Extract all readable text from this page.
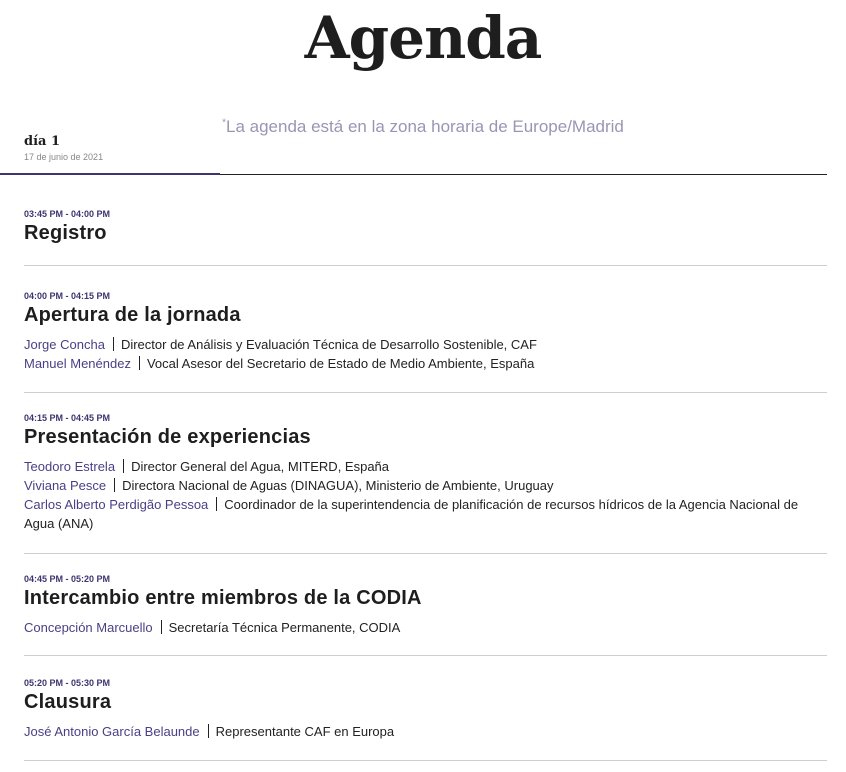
Agenda
*La agenda está en la zona horaria de Europe/Madrid
día 1
17 de junio de 2021
03:45 PM - 04:00 PM
Registro
04:00 PM - 04:15 PM
Apertura de la jornada
Jorge Concha Director de Análisis y Evaluación Técnica de Desarrollo Sostenible, CAF
Manuel Menéndez Vocal Asesor del Secretario de Estado de Medio Ambiente, España
04:15 PM - 04:45 PM
Presentación de experiencias
Teodoro Estrela Director General del Agua, MITERD, España
Viviana Pesce Directora Nacional de Aguas (DINAGUA), Ministerio de Ambiente, Uruguay
Carlos Alberto Perdigão Pessoa Coordinador de la superintendencia de planificación de recursos hídricos de la Agencia Nacional de Agua (ANA)
04:45 PM - 05:20 PM
Intercambio entre miembros de la CODIA
Concepción Marcuello Secretaría Técnica Permanente, CODIA
05:20 PM - 05:30 PM
Clausura
José Antonio García Belaunde Representante CAF en Europa
